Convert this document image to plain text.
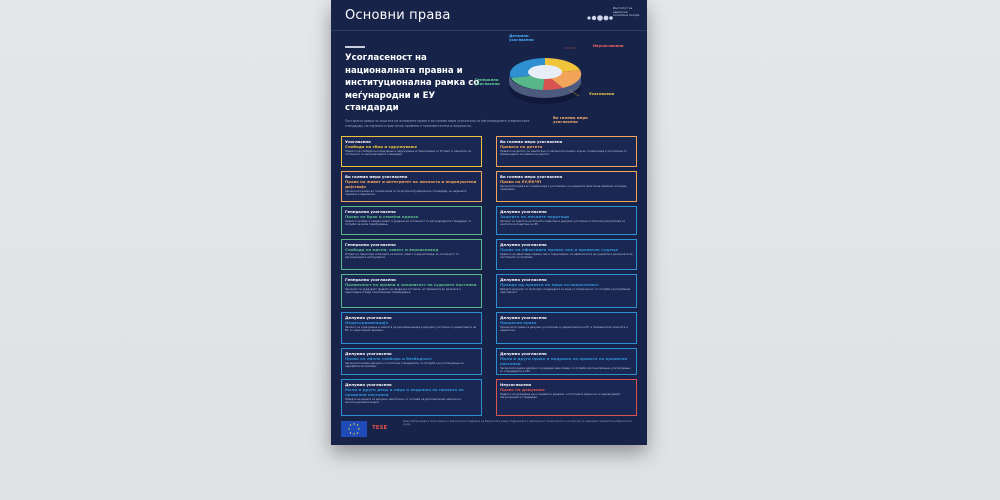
Основни права	Институт за европска политика Скопје
Усогласеност на националната правна и институционална рамка со меѓународни и ЕУ стандарди
Постојната рамка за заштита на основните права е во голема мера усогласена со меѓународните и европските стандарди, но нејзината практична примена е неконзистентна и нецелосна.
Делумно усогласено
Неусогласено
Генерално усогласено
Усогласено
Во голема мера усогласено
Усогласено
Слобода на збор и здружување
Правото на слобода на изразување и здружување е гарантирано со Уставот и законите, во согласност со меѓународните стандарди.
Во голема мера усогласено
Право на живот и интегритет на личноста и недопуштени дејствија
Законската рамка во голема мера ги почитува меѓународните стандарди, но нејзината примена е нецелосна.
Генерално усогласено
Право на брак и семејни односи
Правото на брак и семеен живот е уредено во согласност со меѓународните стандарди, со потреба од мали подобрувања.
Генерално усогласено
Слобода на мисла, совест и вероисповед
Уставот ја гарантира слободата на мисла, совест и вероисповед, во согласност со меѓународните инструменти.
Генерално усогласено
Правичност на правни и законитост на судските постапки
Законите ги уредуваат правата на правична постапка, но примената во праксата е недоследна и бара понатамошни подобрувања.
Делумно усогласено
Недискриминација
Законот за спречување и заштита од дискриминација е делумно усогласен со директивите на ЕУ, со недоследна примена.
Делумно усогласено
Право на лична слобода и безбедност
Законската рамка делумно ги почитува стандардите, со потреба од усогласување на одредбите за притвор.
Делумно усогласено
Мали и други деца и лица и подршка на правата на правилни постапки
Правата на децата се делумно заштитени, со потреба од дополнителни законски и институционални мерки.
Во голема мера усогласено
Правата на детето
Правата на детето се заштитени со законската рамка, која во голема мера е усогласена со Конвенцијата за правата на детето.
Во голема мера усогласено
Право на ЕУ/ЕКЧП
Законската рамка во голема мера е усогласена, но нејзината практична примена останува предизвик.
Делумно усогласено
Заштита на личните податоци
Законот за заштита на личните податоци е делумно усогласен со Општата регулатива за заштита на податоци на ЕУ.
Делумно усогласено
Право на ефективен правен лек и правично судење
Правото на ефективен правен лек е гарантирано, но ефикасноста на судовите и должината на постапките се проблем.
Делумно усогласено
Правда од правата на лица со попреченост
Рамката делумно ги почитува стандардите за лица со попреченост, со потреба од подобрена пристапност.
Делумно усогласено
Процесни права
Процесните права се делумно усогласени со директивите на ЕУ, а примената во праксата е нецелосна.
Делумно усогласено
Мали и други права и подршка на правата на правилни постапки
Законската рамка делумно ги уредува овие права, со потреба од понатамошно усогласување со стандардите на ЕУ.
Неусогласено
Право на домување
Правото на домување не е соодветно уредено, а постојните мерки не ги задоволуваат меѓународните стандарди.
ТЕЅЕ
Оваа публикација е подготвена со финансиска поддршка од Европската унија. Содржината е одговорност на авторите и не мора да ги одразува ставовите на Европската унија.
